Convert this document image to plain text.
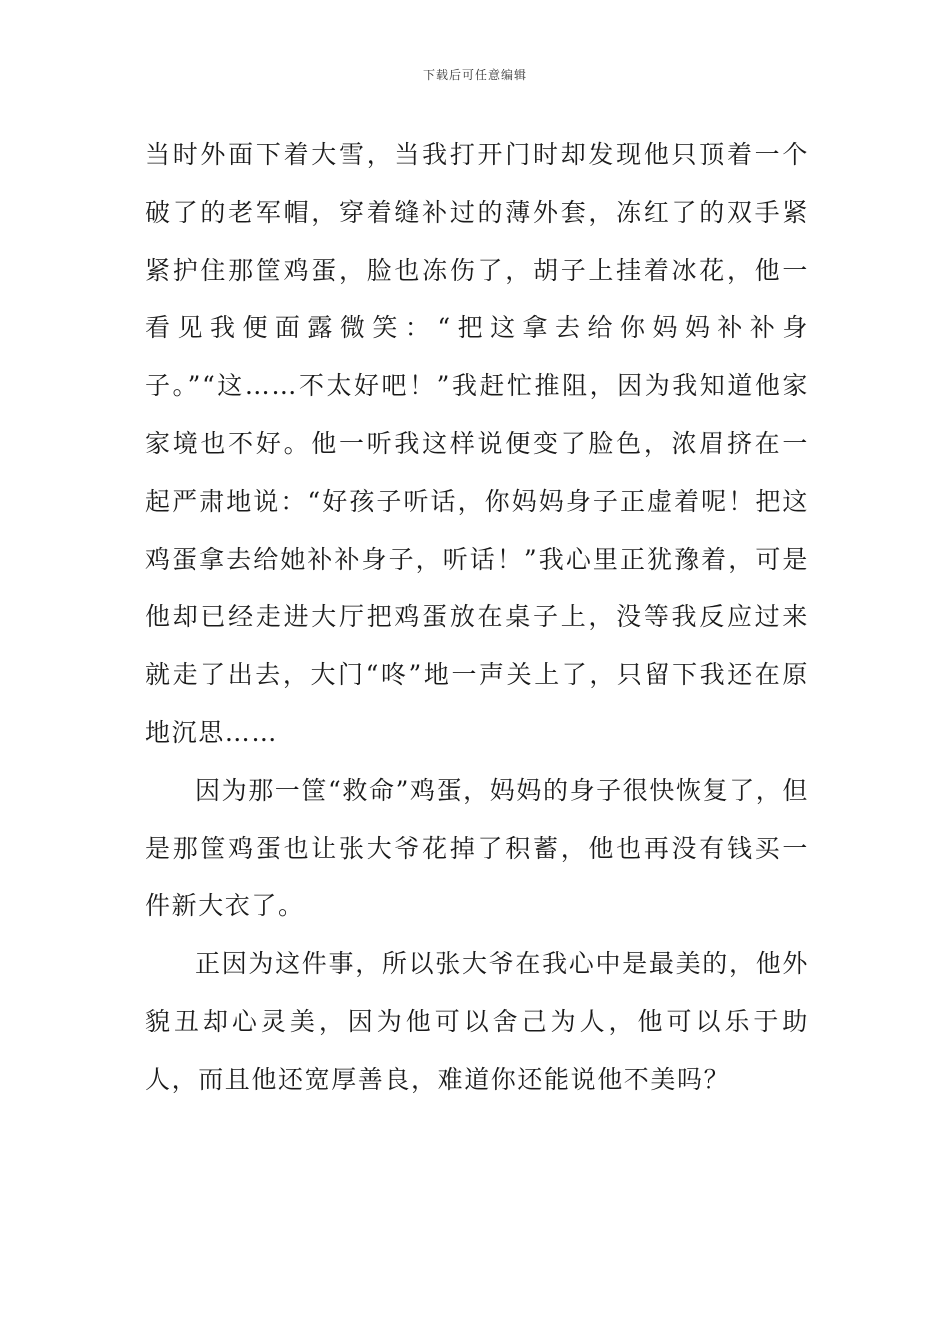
下载后可任意编辑

当时外面下着大雪，当我打开门时却发现他只顶着一个破了的老军帽，穿着缝补过的薄外套，冻红了的双手紧紧护住那筐鸡蛋，脸也冻伤了，胡子上挂着冰花，他一看见我便面露微笑：“把这拿去给你妈妈补补身子。”“这……不太好吧！”我赶忙推阻，因为我知道他家家境也不好。他一听我这样说便变了脸色，浓眉挤在一起严肃地说：“好孩子听话，你妈妈身子正虚着呢！把这鸡蛋拿去给她补补身子，听话！”我心里正犹豫着，可是他却已经走进大厅把鸡蛋放在桌子上，没等我反应过来就走了出去，大门“咚”地一声关上了，只留下我还在原地沉思……

因为那一筐“救命”鸡蛋，妈妈的身子很快恢复了，但是那筐鸡蛋也让张大爷花掉了积蓄，他也再没有钱买一件新大衣了。

正因为这件事，所以张大爷在我心中是最美的，他外貌丑却心灵美，因为他可以舍己为人，他可以乐于助人，而且他还宽厚善良，难道你还能说他不美吗？
